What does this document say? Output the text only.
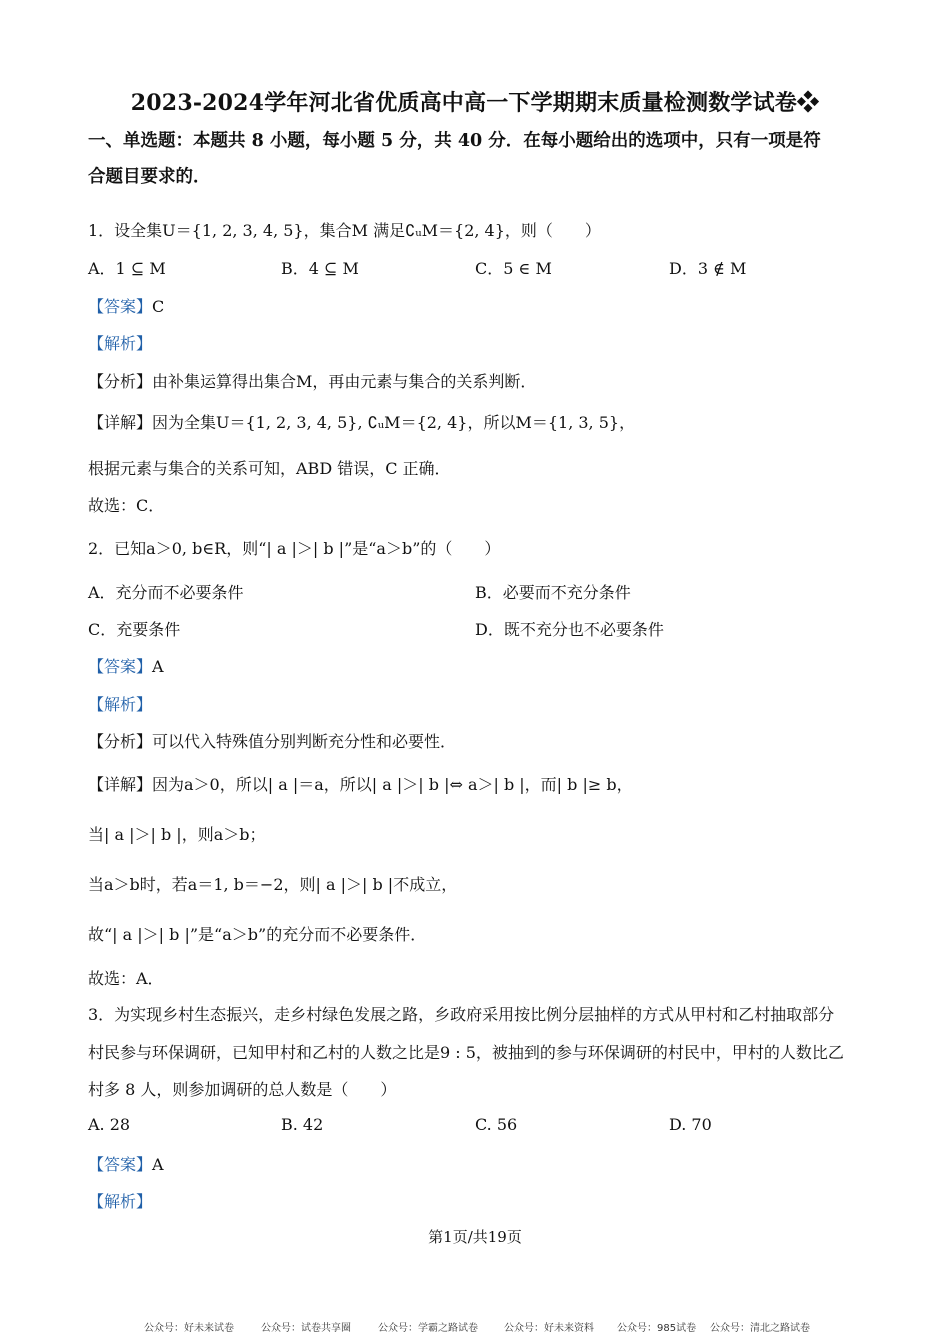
2023-2024学年河北省优质高中高一下学期期末质量检测数学试卷❖
一、单选题：本题共 8 小题，每小题 5 分，共 40 分．在每小题给出的选项中，只有一项是符
合题目要求的．
1．设全集U＝{1, 2, 3, 4, 5}，集合M 满足∁ᵤM＝{2, 4}，则（　　）
A．1 ⊆ M	B．4 ⊆ M	C．5 ∈ M	D．3 ∉ M
【答案】C
【解析】
【分析】由补集运算得出集合M，再由元素与集合的关系判断．
【详解】因为全集U＝{1, 2, 3, 4, 5}, ∁ᵤM＝{2, 4}，所以M＝{1, 3, 5}，
根据元素与集合的关系可知，ABD 错误，C 正确．
故选：C．
2．已知a＞0, b∈R，则“| a |＞| b |”是“a＞b”的（　　）
A．充分而不必要条件	B．必要而不充分条件
C．充要条件	D．既不充分也不必要条件
【答案】A
【解析】
【分析】可以代入特殊值分别判断充分性和必要性．
【详解】因为a＞0，所以| a |＝a，所以| a |＞| b |⇔ a＞| b |，而| b |≥ b，
当| a |＞| b |，则a＞b；
当a＞b时，若a＝1, b＝−2，则| a |＞| b |不成立，
故“| a |＞| b |”是“a＞b”的充分而不必要条件．
故选：A．
3．为实现乡村生态振兴，走乡村绿色发展之路，乡政府采用按比例分层抽样的方式从甲村和乙村抽取部分
村民参与环保调研，已知甲村和乙村的人数之比是9 : 5，被抽到的参与环保调研的村民中，甲村的人数比乙
村多 8 人，则参加调研的总人数是（　　）
A. 28	B. 42	C. 56	D. 70
【答案】A
【解析】
第1页/共19页
公众号：好未来试卷	公众号：试卷共享圈	公众号：学霸之路试卷	公众号：好未来资料 公众号：985试卷 公众号：清北之路试卷
